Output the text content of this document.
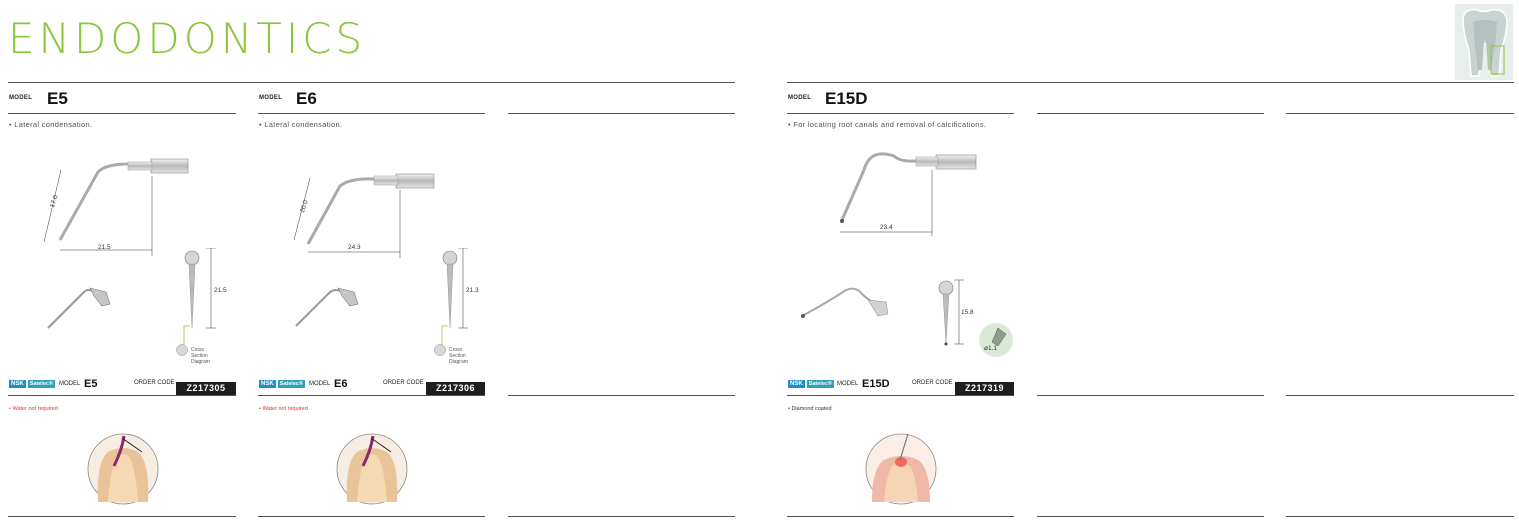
ENDODONTICS
MODEL E5
• Lateral condensation.
17.0
21.5
21.5
Cross Section Diagram
NSK	Satelec®	MODEL E5	ORDER CODE	Z217305
• Water not required
MODEL E6
• Lateral condensation.
20.0
24.3
21.3
Cross Section Diagram
NSK	Satelec®	MODEL E6	ORDER CODE	Z217306
• Water not required
MODEL E15D
• For locating root canals and removal of calcifications.
23.4
15.8
ø1.1
NSK	Satelec® MODEL E15D	ORDER CODE	Z217319
• Diamond coated
